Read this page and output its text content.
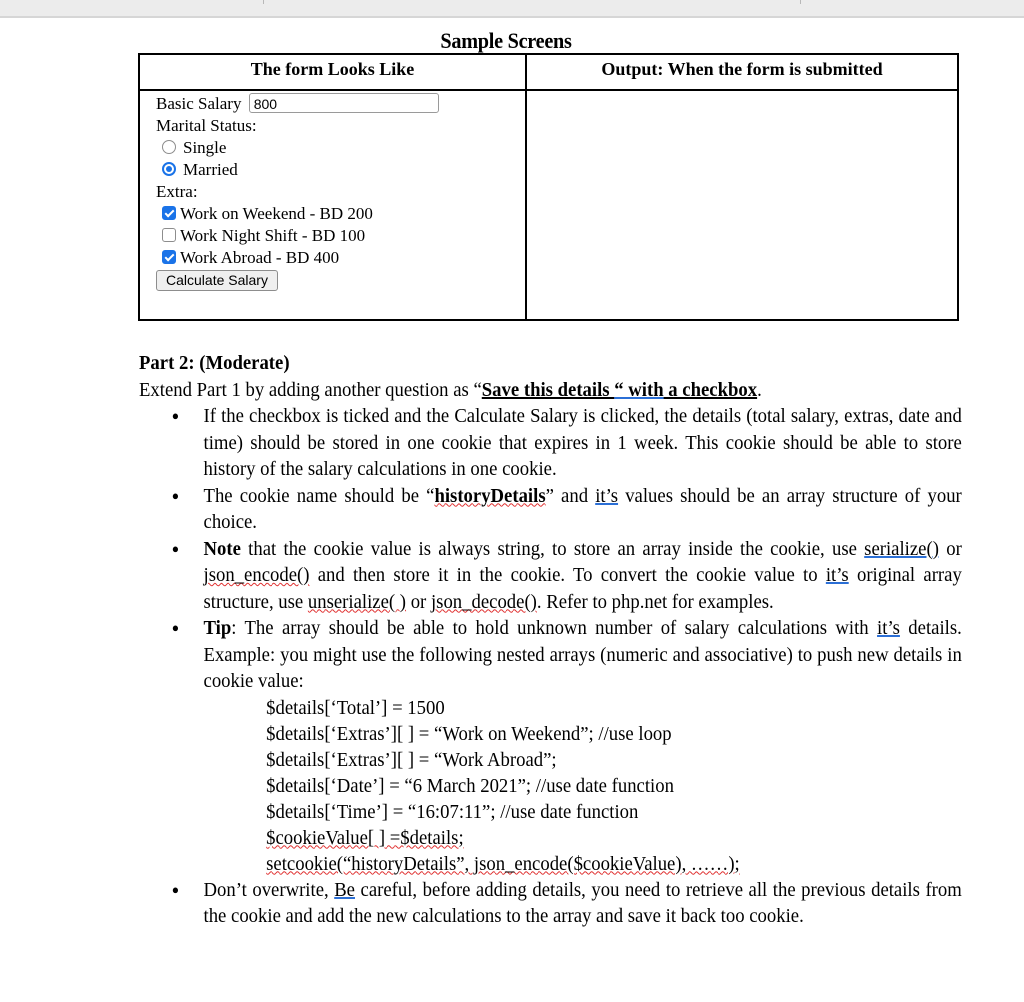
Sample Screens
The form Looks Like	Output: When the form is submitted
Basic Salary 800
Marital Status:
Single
Married
Extra:
Work on Weekend - BD 200
Work Night Shift - BD 100
Work Abroad - BD 400
Calculate Salary
Part 2: (Moderate)
Extend Part 1 by adding another question as “Save this details “ with a checkbox.
● If the checkbox is ticked and the Calculate Salary is clicked, the details (total salary, extras, date and time) should be stored in one cookie that expires in 1 week. This cookie should be able to store history of the salary calculations in one cookie.
● The cookie name should be “historyDetails” and it’s values should be an array structure of your choice.
● Note that the cookie value is always string, to store an array inside the cookie, use serialize() or json_encode() and then store it in the cookie. To convert the cookie value to it’s original array structure, use unserialize( ) or json_decode(). Refer to php.net for examples.
● Tip: The array should be able to hold unknown number of salary calculations with it’s details. Example: you might use the following nested arrays (numeric and associative) to push new details in cookie value:
$details[‘Total’] = 1500
$details[‘Extras’][ ] = “Work on Weekend”; //use loop
$details[‘Extras’][ ] = “Work Abroad”;
$details[‘Date’] = “6 March 2021”; //use date function
$details[‘Time’] = “16:07:11”; //use date function
$cookieValue[ ] =$details;
setcookie(“historyDetails”, json_encode($cookieValue), ……);
● Don’t overwrite, Be careful, before adding details, you need to retrieve all the previous details from the cookie and add the new calculations to the array and save it back too cookie.
